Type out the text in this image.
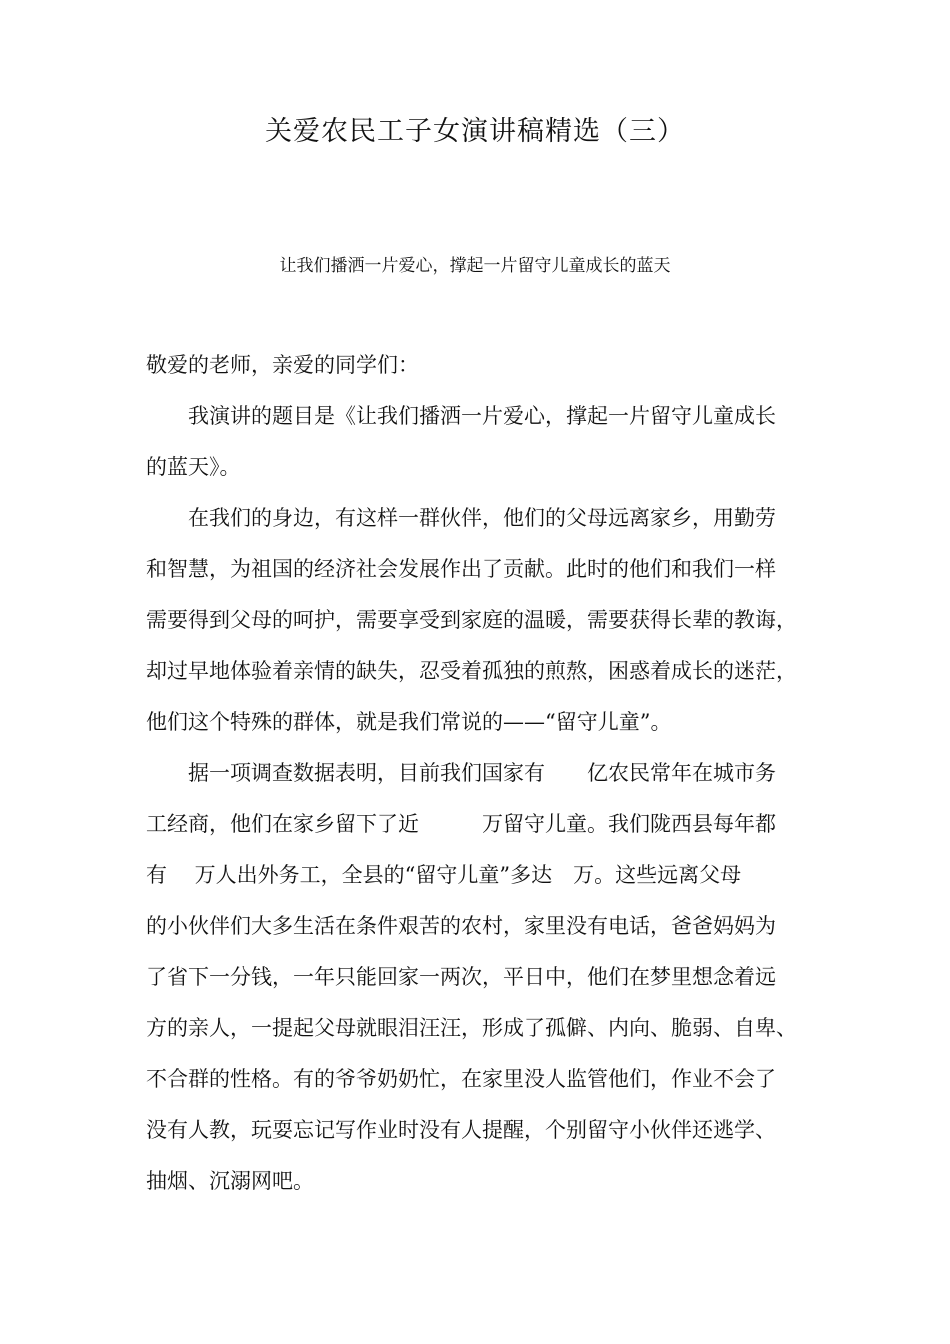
关爱农民工子女演讲稿精选（三）
让我们播洒一片爱心，撑起一片留守儿童成长的蓝天
敬爱的老师，亲爱的同学们：
我演讲的题目是《让我们播洒一片爱心，撑起一片留守儿童成长
的蓝天》。
在我们的身边，有这样一群伙伴，他们的父母远离家乡，用勤劳
和智慧，为祖国的经济社会发展作出了贡献。此时的他们和我们一样
需要得到父母的呵护，需要享受到家庭的温暖，需要获得长辈的教诲，
却过早地体验着亲情的缺失，忍受着孤独的煎熬，困惑着成长的迷茫，
他们这个特殊的群体，就是我们常说的——“留守儿童”。
据一项调查数据表明，目前我们国家有　　亿农民常年在城市务
工经商，他们在家乡留下了近　　　万留守儿童。我们陇西县每年都
有　 万人出外务工，全县的“留守儿童”多达　万。这些远离父母
的小伙伴们大多生活在条件艰苦的农村，家里没有电话，爸爸妈妈为
了省下一分钱，一年只能回家一两次，平日中，他们在梦里想念着远
方的亲人，一提起父母就眼泪汪汪，形成了孤僻、内向、脆弱、自卑、
不合群的性格。有的爷爷奶奶忙，在家里没人监管他们，作业不会了
没有人教，玩耍忘记写作业时没有人提醒，个别留守小伙伴还逃学、
抽烟、沉溺网吧。
